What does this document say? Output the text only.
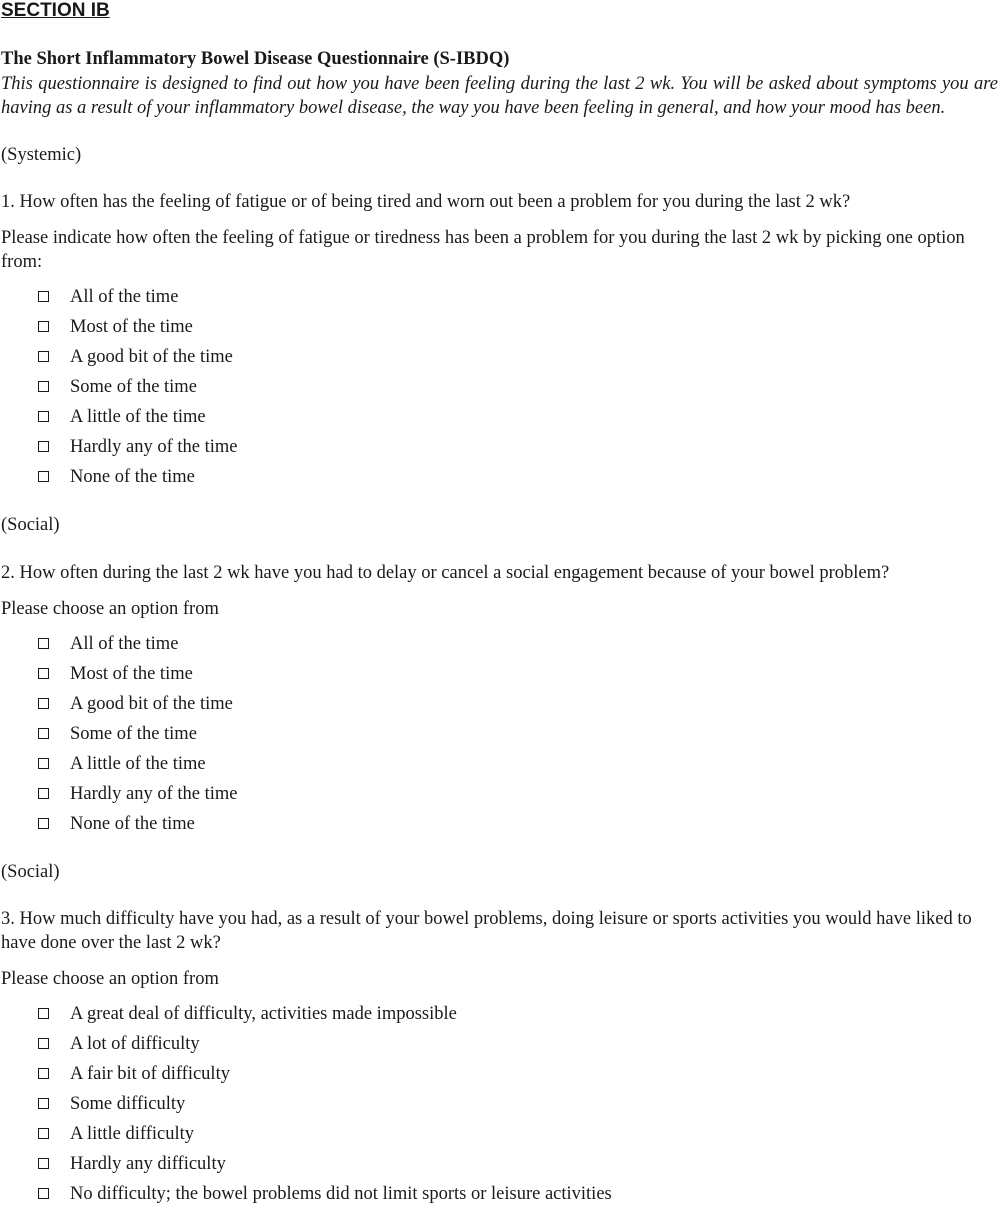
SECTION IB
The Short Inflammatory Bowel Disease Questionnaire (S-IBDQ)
This questionnaire is designed to find out how you have been feeling during the last 2 wk. You will be asked about symptoms you are having as a result of your inflammatory bowel disease, the way you have been feeling in general, and how your mood has been.
(Systemic)
1. How often has the feeling of fatigue or of being tired and worn out been a problem for you during the last 2 wk?
Please indicate how often the feeling of fatigue or tiredness has been a problem for you during the last 2 wk by picking one option from:
All of the time
Most of the time
A good bit of the time
Some of the time
A little of the time
Hardly any of the time
None of the time
(Social)
2. How often during the last 2 wk have you had to delay or cancel a social engagement because of your bowel problem?
Please choose an option from
All of the time
Most of the time
A good bit of the time
Some of the time
A little of the time
Hardly any of the time
None of the time
(Social)
3. How much difficulty have you had, as a result of your bowel problems, doing leisure or sports activities you would have liked to have done over the last 2 wk?
Please choose an option from
A great deal of difficulty, activities made impossible
A lot of difficulty
A fair bit of difficulty
Some difficulty
A little difficulty
Hardly any difficulty
No difficulty; the bowel problems did not limit sports or leisure activities
